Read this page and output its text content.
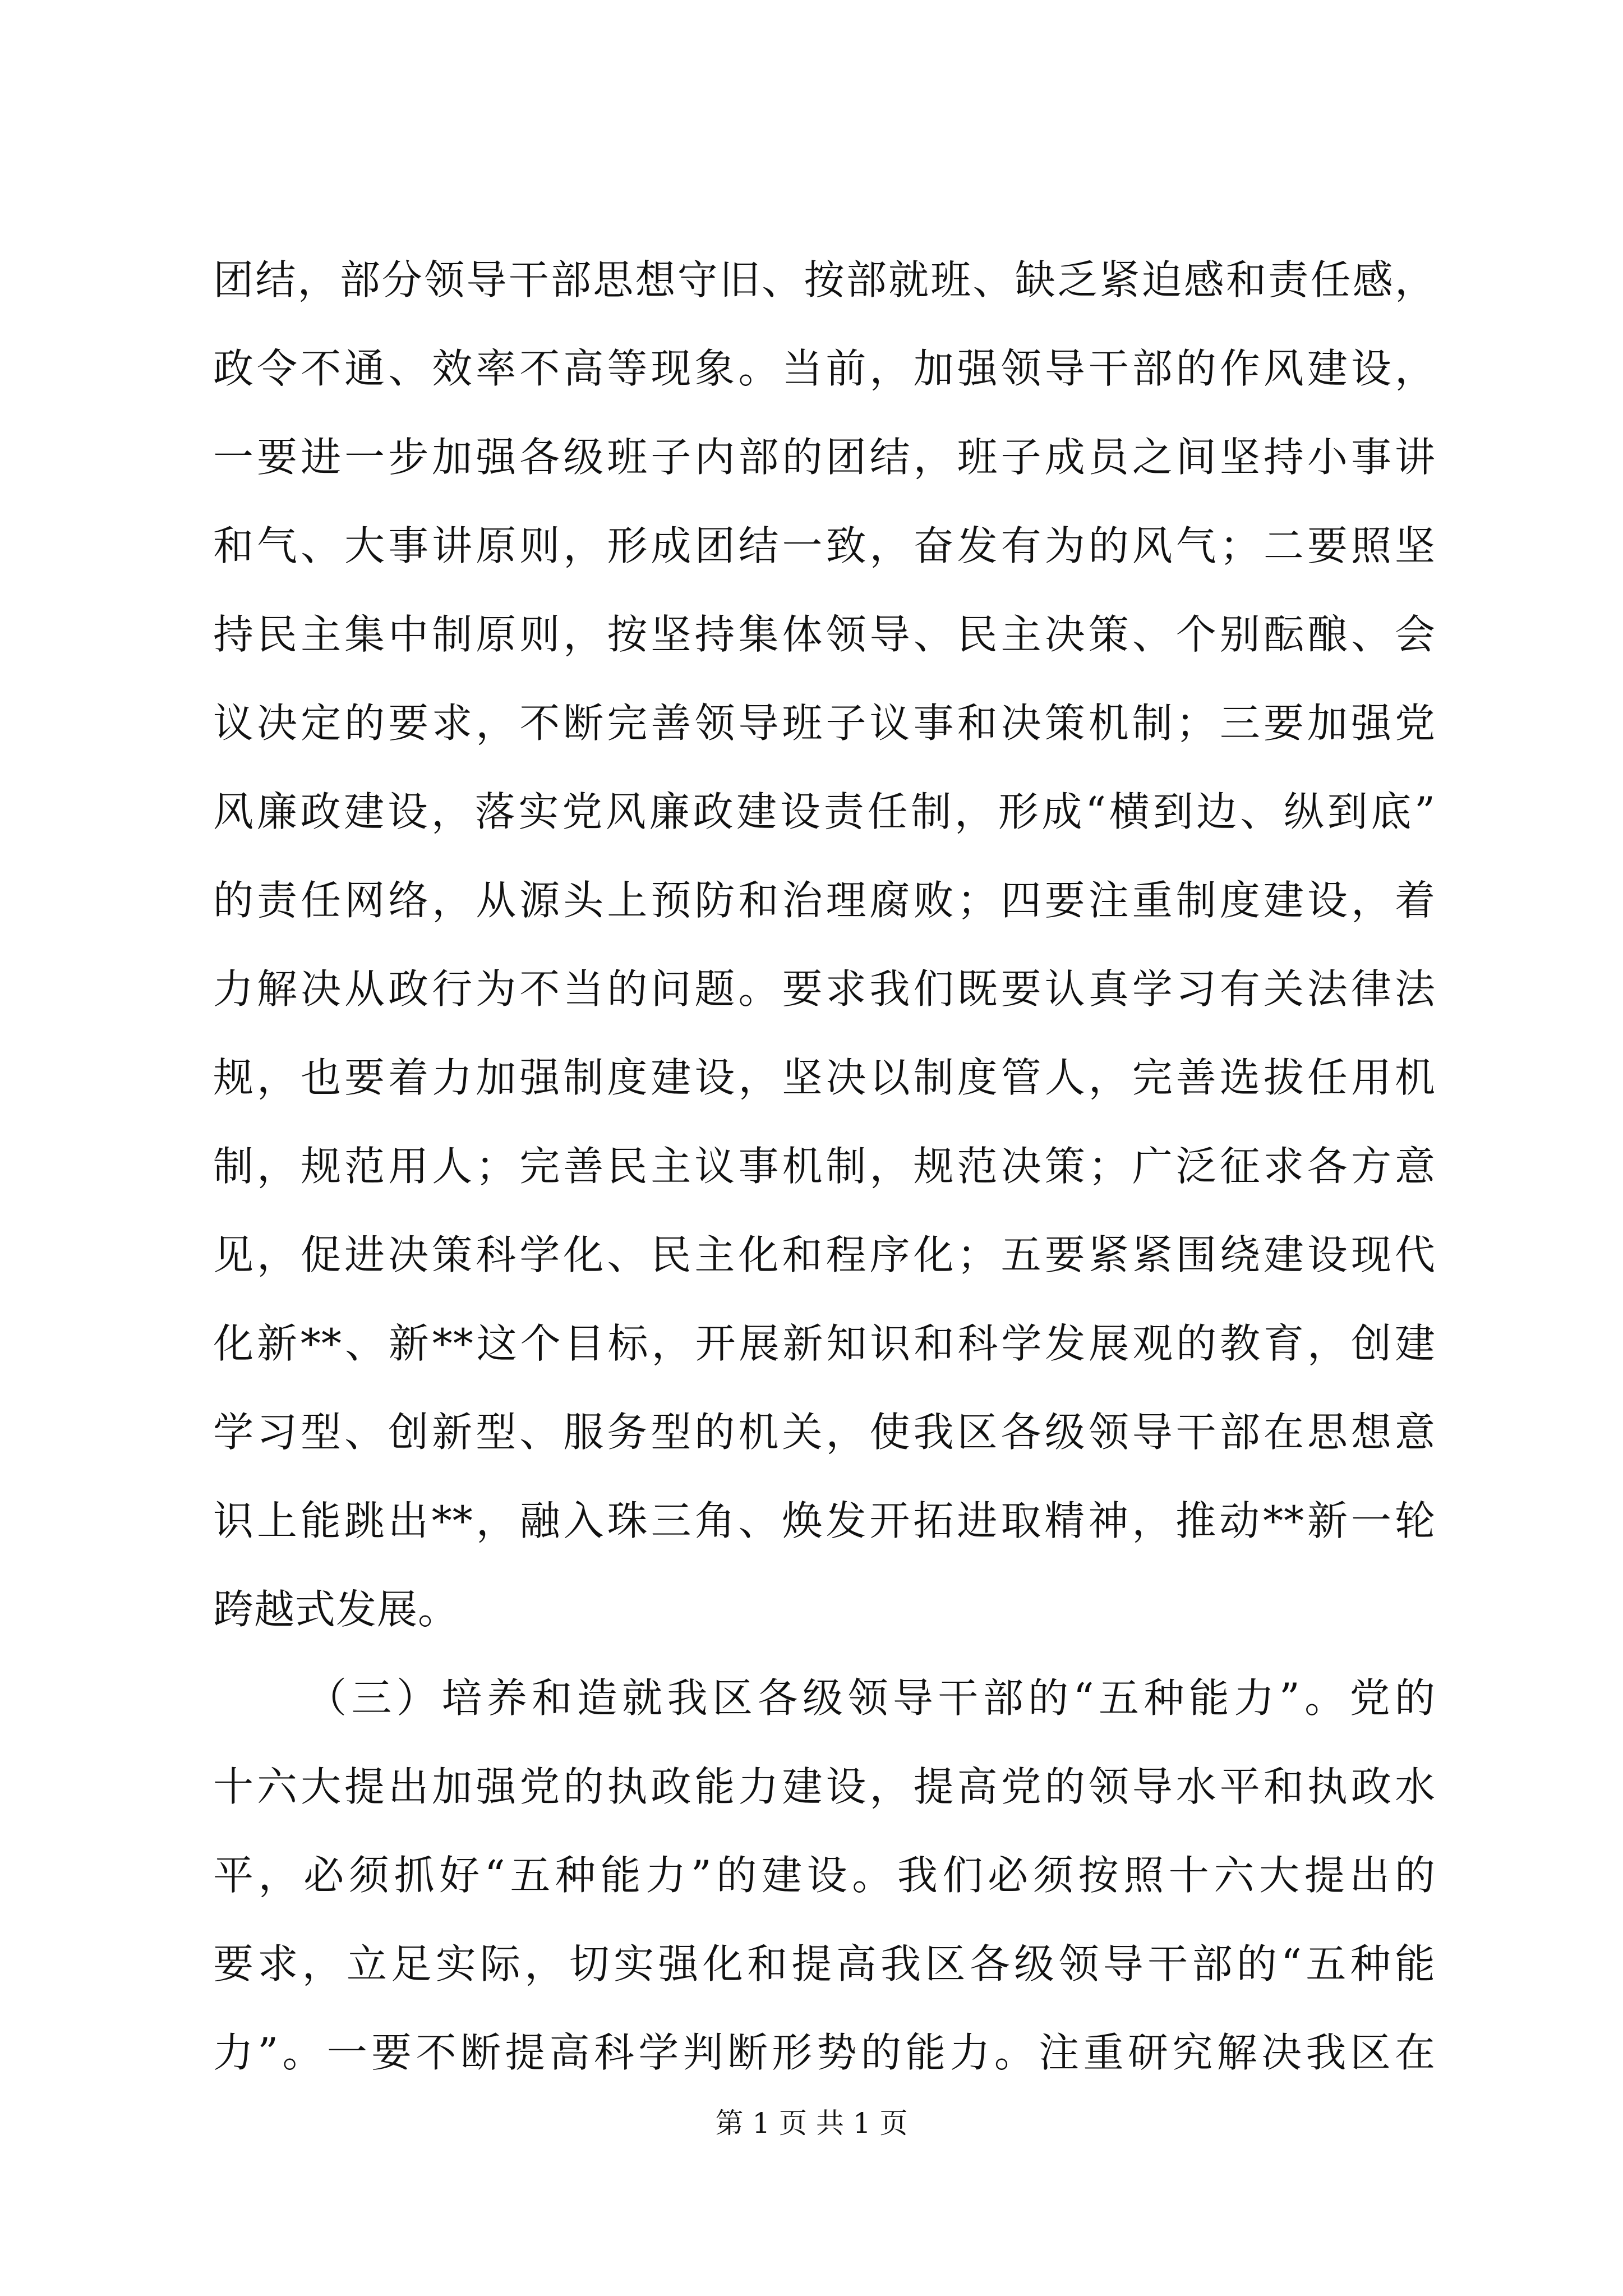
团结，部分领导干部思想守旧、按部就班、缺乏紧迫感和责任感，
政令不通、效率不高等现象。当前，加强领导干部的作风建设，
一要进一步加强各级班子内部的团结，班子成员之间坚持小事讲
和气、大事讲原则，形成团结一致，奋发有为的风气；二要照坚
持民主集中制原则，按坚持集体领导、民主决策、个别酝酿、会
议决定的要求，不断完善领导班子议事和决策机制；三要加强党
风廉政建设，落实党风廉政建设责任制，形成“横到边、纵到底”
的责任网络，从源头上预防和治理腐败；四要注重制度建设，着
力解决从政行为不当的问题。要求我们既要认真学习有关法律法
规，也要着力加强制度建设，坚决以制度管人，完善选拔任用机
制，规范用人；完善民主议事机制，规范决策；广泛征求各方意
见，促进决策科学化、民主化和程序化；五要紧紧围绕建设现代
化新**、新**这个目标，开展新知识和科学发展观的教育，创建
学习型、创新型、服务型的机关，使我区各级领导干部在思想意
识上能跳出**，融入珠三角、焕发开拓进取精神，推动**新一轮
跨越式发展。
（三）培养和造就我区各级领导干部的“五种能力”。党的
十六大提出加强党的执政能力建设，提高党的领导水平和执政水
平，必须抓好“五种能力”的建设。我们必须按照十六大提出的
要求，立足实际，切实强化和提高我区各级领导干部的“五种能
力”。一要不断提高科学判断形势的能力。注重研究解决我区在
第 1 页 共 1 页
